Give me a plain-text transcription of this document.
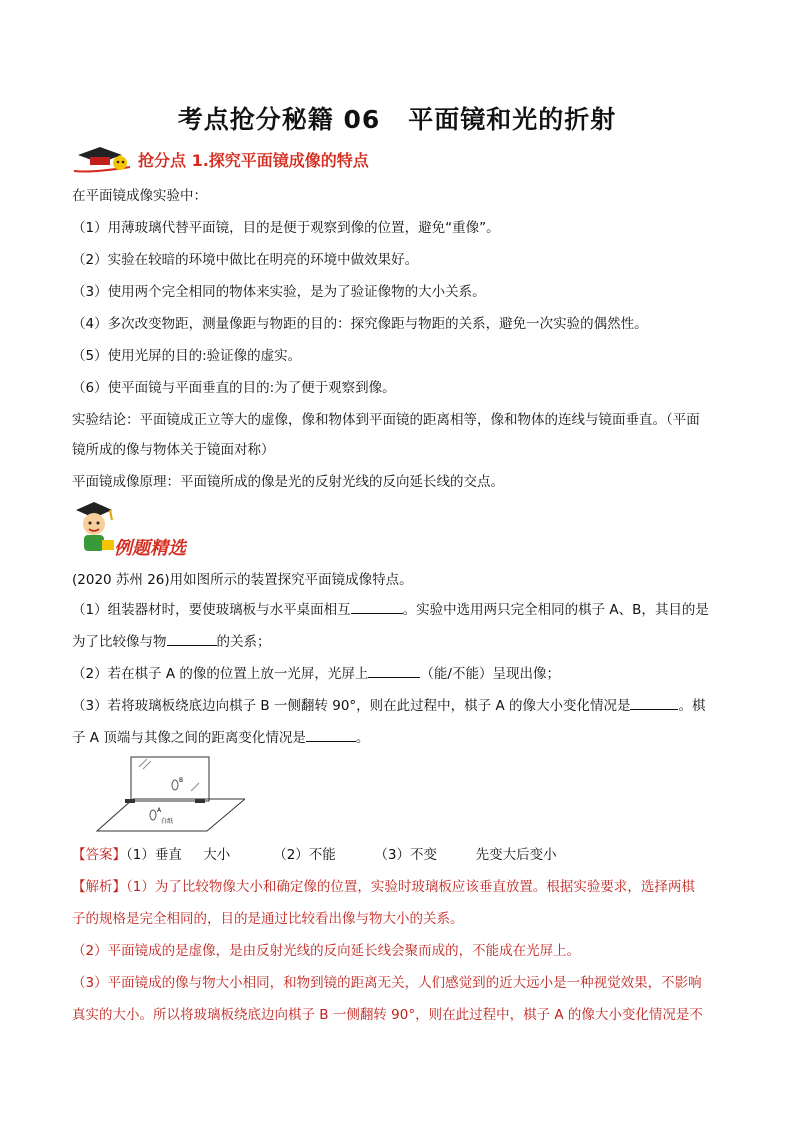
考点抢分秘籍 06 平面镜和光的折射
抢分点 1.探究平面镜成像的特点
在平面镜成像实验中：
（1）用薄玻璃代替平面镜，目的是便于观察到像的位置，避免“重像”。
（2）实验在较暗的环境中做比在明亮的环境中做效果好。
（3）使用两个完全相同的物体来实验，是为了验证像物的大小关系。
（4）多次改变物距，测量像距与物距的目的：探究像距与物距的关系，避免一次实验的偶然性。
（5）使用光屏的目的:验证像的虚实。
（6）使平面镜与平面垂直的目的:为了便于观察到像。
实验结论：平面镜成正立等大的虚像，像和物体到平面镜的距离相等，像和物体的连线与镜面垂直。（平面
镜所成的像与物体关于镜面对称）
平面镜成像原理：平面镜所成的像是光的反射光线的反向延长线的交点。
例题精选
(2020 苏州 26)用如图所示的装置探究平面镜成像特点。
（1）组装器材时，要使玻璃板与水平桌面相互	。实验中选用两只完全相同的棋子 A、B，其目的是
为了比较像与物	的关系；
（2）若在棋子 A 的像的位置上放一光屏，光屏上	（能/不能）呈现出像；
（3）若将玻璃板绕底边向棋子 B 一侧翻转 90°，则在此过程中，棋子 A 的像大小变化情况是	。棋
子 A 顶端与其像之间的距离变化情况是	。
B
A
白纸
【答案】（1）垂直     大小          （2）不能         （3）不变         先变大后变小
【解析】（1）为了比较物像大小和确定像的位置，实验时玻璃板应该垂直放置。根据实验要求，选择两棋
子的规格是完全相同的，目的是通过比较看出像与物大小的关系。
（2）平面镜成的是虚像，是由反射光线的反向延长线会聚而成的，不能成在光屏上。
（3）平面镜成的像与物大小相同，和物到镜的距离无关，人们感觉到的近大远小是一种视觉效果，不影响
真实的大小。所以将玻璃板绕底边向棋子 B 一侧翻转 90°，则在此过程中，棋子 A 的像大小变化情况是不
